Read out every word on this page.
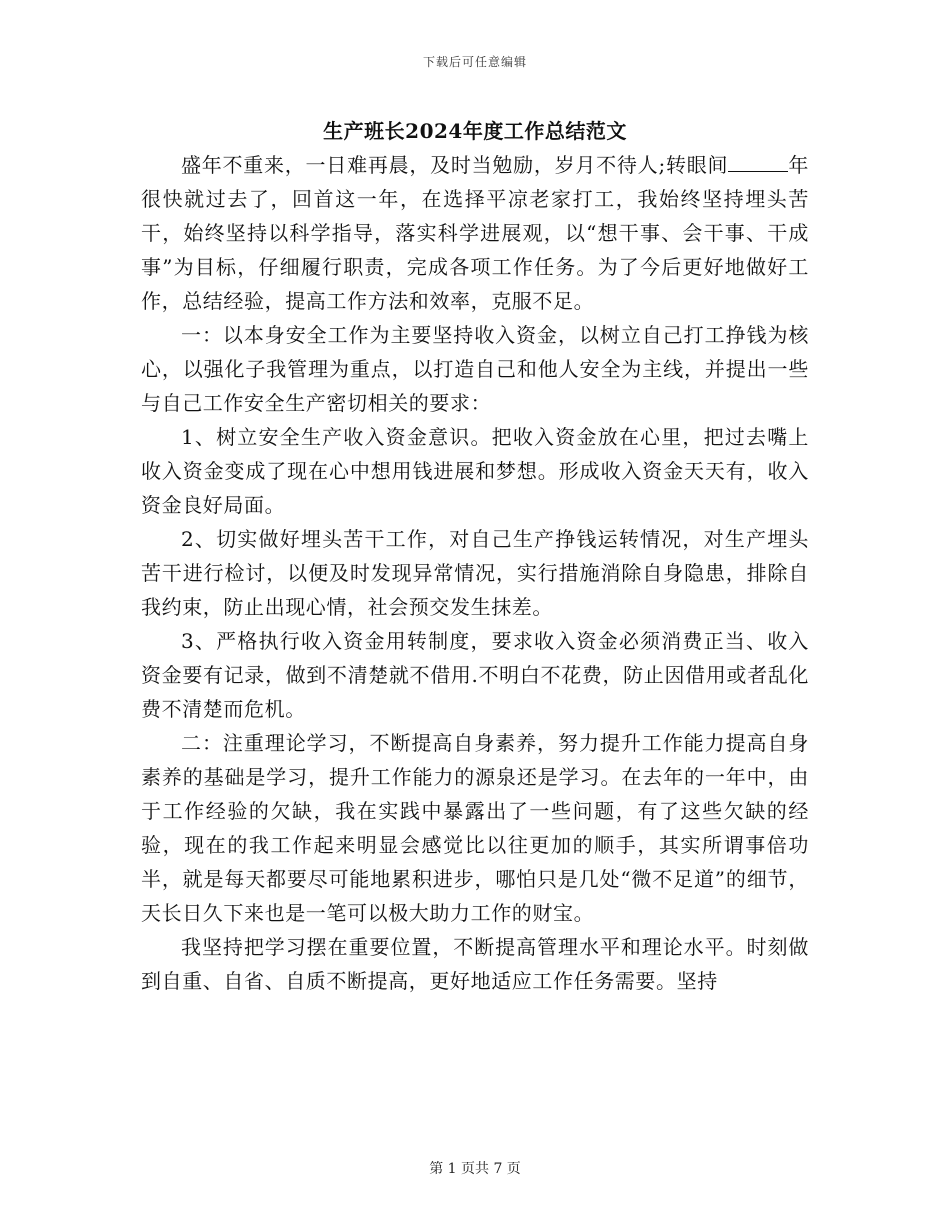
下载后可任意编辑
生产班长2024年度工作总结范文

盛年不重来，一日难再晨，及时当勉励，岁月不待人;转眼间	年很快就过去了，回首这一年，在选择平凉老家打工，我始终坚持埋头苦干，始终坚持以科学指导，落实科学进展观，以“想干事、会干事、干成事”为目标，仔细履行职责，完成各项工作任务。为了今后更好地做好工作，总结经验，提高工作方法和效率，克服不足。

一：以本身安全工作为主要坚持收入资金，以树立自己打工挣钱为核心，以强化子我管理为重点，以打造自己和他人安全为主线，并提出一些与自己工作安全生产密切相关的要求：

1、树立安全生产收入资金意识。把收入资金放在心里，把过去嘴上收入资金变成了现在心中想用钱进展和梦想。形成收入资金天天有，收入资金良好局面。

2、切实做好埋头苦干工作，对自己生产挣钱运转情况，对生产埋头苦干进行检讨，以便及时发现异常情况，实行措施消除自身隐患，排除自我约束，防止出现心情，社会预交发生抹差。

3、严格执行收入资金用转制度，要求收入资金必须消费正当、收入资金要有记录，做到不清楚就不借用.不明白不花费，防止因借用或者乱化费不清楚而危机。

二：注重理论学习，不断提高自身素养，努力提升工作能力提高自身素养的基础是学习，提升工作能力的源泉还是学习。在去年的一年中，由于工作经验的欠缺，我在实践中暴露出了一些问题，有了这些欠缺的经验，现在的我工作起来明显会感觉比以往更加的顺手，其实所谓事倍功半，就是每天都要尽可能地累积进步，哪怕只是几处“微不足道”的细节，天长日久下来也是一笔可以极大助力工作的财宝。

我坚持把学习摆在重要位置，不断提高管理水平和理论水平。时刻做到自重、自省、自质不断提高，更好地适应工作任务需要。坚持

第 1 页共 7 页
